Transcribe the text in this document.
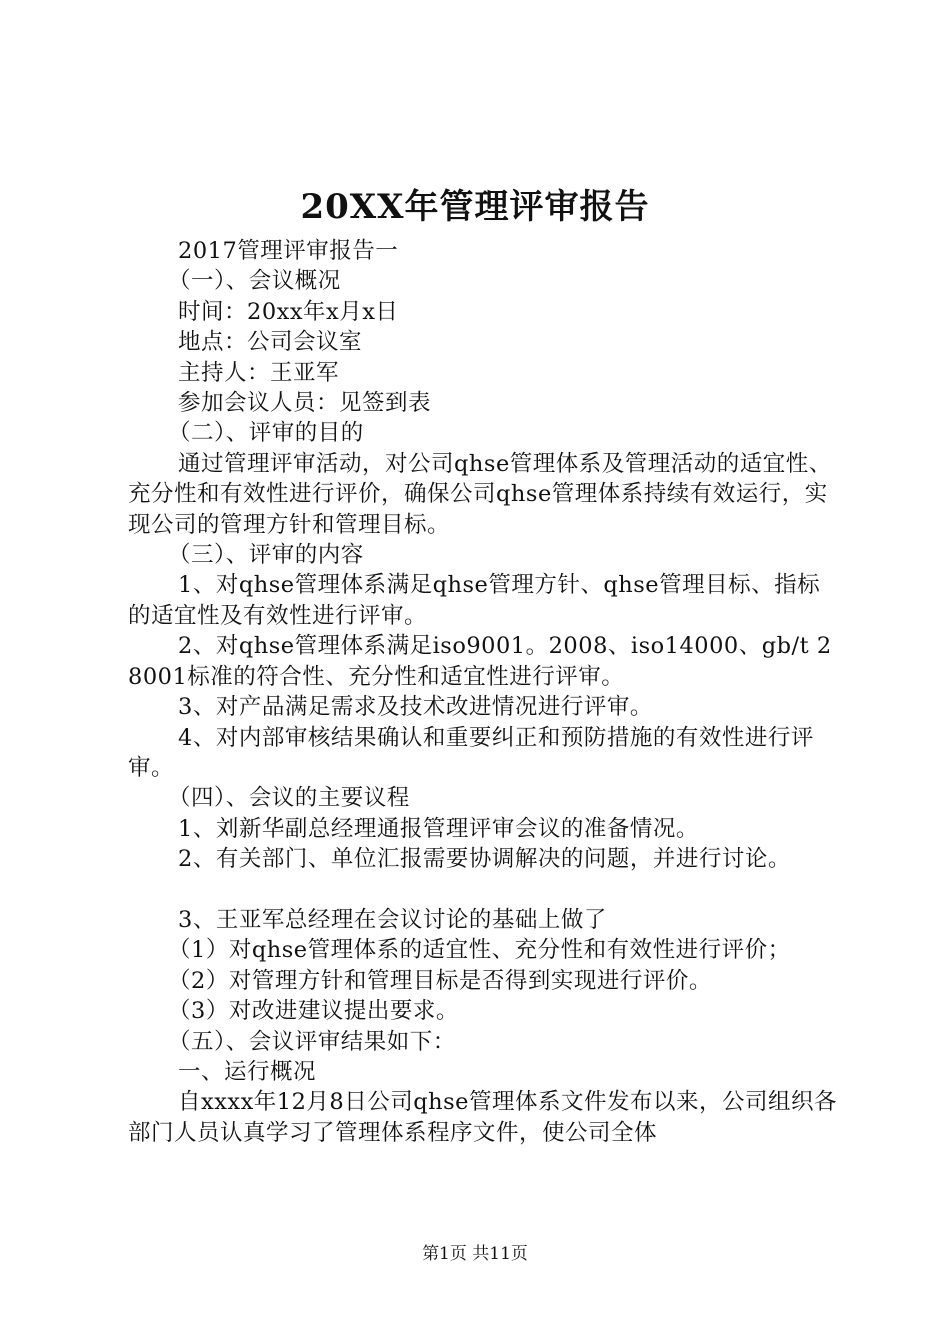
20XX年管理评审报告

2017管理评审报告一

（一）、会议概况

时间：20xx年x月x日

地点：公司会议室

主持人：王亚军

参加会议人员：见签到表

（二）、评审的目的

通过管理评审活动，对公司qhse管理体系及管理活动的适宜性、充分性和有效性进行评价，确保公司qhse管理体系持续有效运行，实现公司的管理方针和管理目标。

（三）、评审的内容

1、对qhse管理体系满足qhse管理方针、qhse管理目标、指标的适宜性及有效性进行评审。

2、对qhse管理体系满足iso9001。2008、iso14000、gb/t 28001标准的符合性、充分性和适宜性进行评审。

3、对产品满足需求及技术改进情况进行评审。

4、对内部审核结果确认和重要纠正和预防措施的有效性进行评审。

（四）、会议的主要议程

1、刘新华副总经理通报管理评审会议的准备情况。

2、有关部门、单位汇报需要协调解决的问题，并进行讨论。

3、王亚军总经理在会议讨论的基础上做了

（1）对qhse管理体系的适宜性、充分性和有效性进行评价；

（2）对管理方针和管理目标是否得到实现进行评价。

（3）对改进建议提出要求。

（五）、会议评审结果如下：

一、运行概况

自xxxx年12月8日公司qhse管理体系文件发布以来，公司组织各部门人员认真学习了管理体系程序文件，使公司全体

第1页 共11页
